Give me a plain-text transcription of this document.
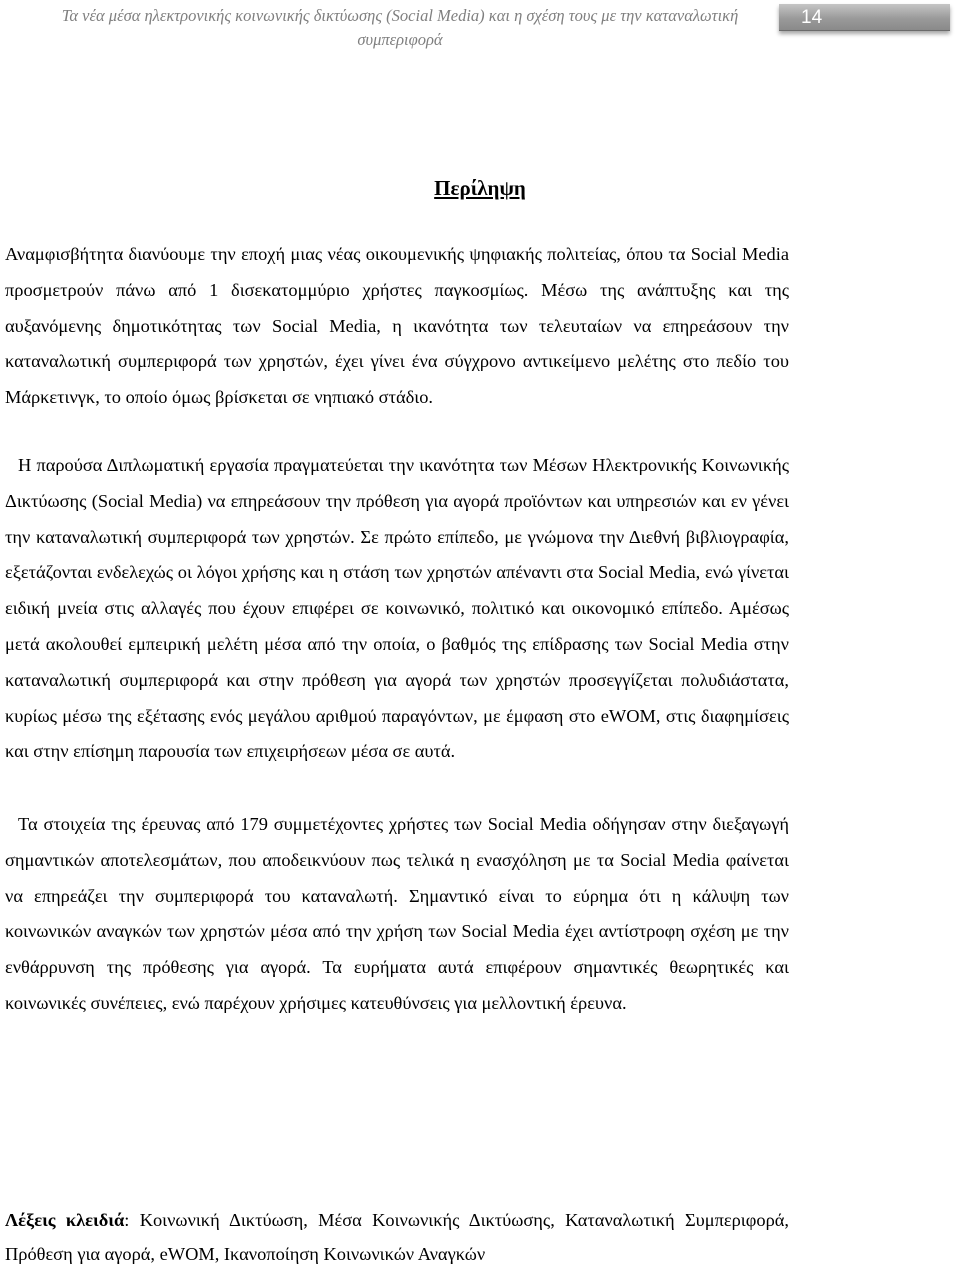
Τα νέα μέσα ηλεκτρονικής κοινωνικής δικτύωσης (Social Media) και η σχέση τους με την καταναλωτική συμπεριφορά
14
Περίληψη

Αναμφισβήτητα διανύουμε την εποχή μιας νέας οικουμενικής ψηφιακής πολιτείας, όπου τα Social Media προσμετρούν πάνω από 1 δισεκατομμύριο χρήστες παγκοσμίως. Μέσω της ανάπτυξης και της αυξανόμενης δημοτικότητας των Social Media, η ικανότητα των τελευταίων να επηρεάσουν την καταναλωτική συμπεριφορά των χρηστών, έχει γίνει ένα σύγχρονο αντικείμενο μελέτης στο πεδίο του Μάρκετινγκ, το οποίο όμως βρίσκεται σε νηπιακό στάδιο.

Η παρούσα Διπλωματική εργασία πραγματεύεται την ικανότητα των Μέσων Ηλεκτρονικής Κοινωνικής Δικτύωσης (Social Media) να επηρεάσουν την πρόθεση για αγορά προϊόντων και υπηρεσιών και εν γένει την καταναλωτική συμπεριφορά των χρηστών. Σε πρώτο επίπεδο, με γνώμονα την Διεθνή βιβλιογραφία, εξετάζονται ενδελεχώς οι λόγοι χρήσης και η στάση των χρηστών απέναντι στα Social Media, ενώ γίνεται ειδική μνεία στις αλλαγές που έχουν επιφέρει σε κοινωνικό, πολιτικό και οικονομικό επίπεδο. Αμέσως μετά ακολουθεί εμπειρική μελέτη μέσα από την οποία, ο βαθμός της επίδρασης των Social Media στην καταναλωτική συμπεριφορά και στην πρόθεση για αγορά των χρηστών προσεγγίζεται πολυδιάστατα, κυρίως μέσω της εξέτασης ενός μεγάλου αριθμού παραγόντων, με έμφαση στο eWOM, στις διαφημίσεις και στην επίσημη παρουσία των επιχειρήσεων μέσα σε αυτά.

Τα στοιχεία της έρευνας από 179 συμμετέχοντες χρήστες των Social Media οδήγησαν στην διεξαγωγή σημαντικών αποτελεσμάτων, που αποδεικνύουν πως τελικά η ενασχόληση με τα Social Media φαίνεται να επηρεάζει την συμπεριφορά του καταναλωτή. Σημαντικό είναι το εύρημα ότι η κάλυψη των κοινωνικών αναγκών των χρηστών μέσα από την χρήση των Social Media έχει αντίστροφη σχέση με την ενθάρρυνση της πρόθεσης για αγορά. Τα ευρήματα αυτά επιφέρουν σημαντικές θεωρητικές και κοινωνικές συνέπειες, ενώ παρέχουν χρήσιμες κατευθύνσεις για μελλοντική έρευνα.

Λέξεις κλειδιά: Κοινωνική Δικτύωση, Μέσα Κοινωνικής Δικτύωσης, Καταναλωτική Συμπεριφορά, Πρόθεση για αγορά, eWOM, Ικανοποίηση Κοινωνικών Αναγκών
